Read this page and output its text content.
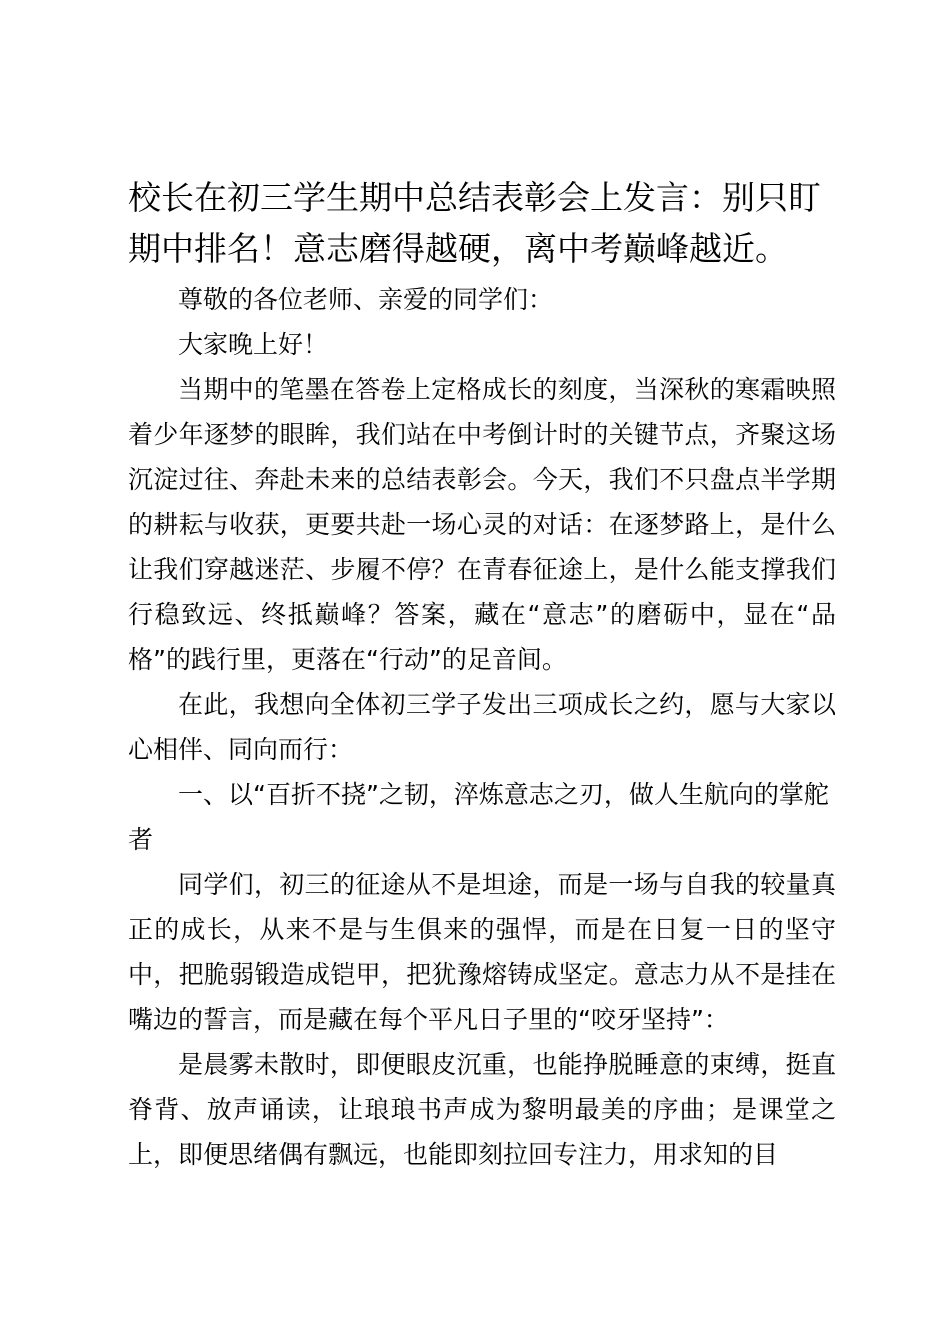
校长在初三学生期中总结表彰会上发言：别只盯期中排名！意志磨得越硬，离中考巅峰越近。

尊敬的各位老师、亲爱的同学们：

大家晚上好！

当期中的笔墨在答卷上定格成长的刻度，当深秋的寒霜映照着少年逐梦的眼眸，我们站在中考倒计时的关键节点，齐聚这场沉淀过往、奔赴未来的总结表彰会。今天，我们不只盘点半学期的耕耘与收获，更要共赴一场心灵的对话：在逐梦路上，是什么让我们穿越迷茫、步履不停？在青春征途上，是什么能支撑我们行稳致远、终抵巅峰？答案，藏在“意志”的磨砺中，显在“品格”的践行里，更落在“行动”的足音间。

在此，我想向全体初三学子发出三项成长之约，愿与大家以心相伴、同向而行：

一、以“百折不挠”之韧，淬炼意志之刃，做人生航向的掌舵者

同学们，初三的征途从不是坦途，而是一场与自我的较量真正的成长，从来不是与生俱来的强悍，而是在日复一日的坚守中，把脆弱锻造成铠甲，把犹豫熔铸成坚定。意志力从不是挂在嘴边的誓言，而是藏在每个平凡日子里的“咬牙坚持”：

是晨雾未散时，即便眼皮沉重，也能挣脱睡意的束缚，挺直脊背、放声诵读，让琅琅书声成为黎明最美的序曲；是课堂之上，即便思绪偶有飘远，也能即刻拉回专注力，用求知的目
